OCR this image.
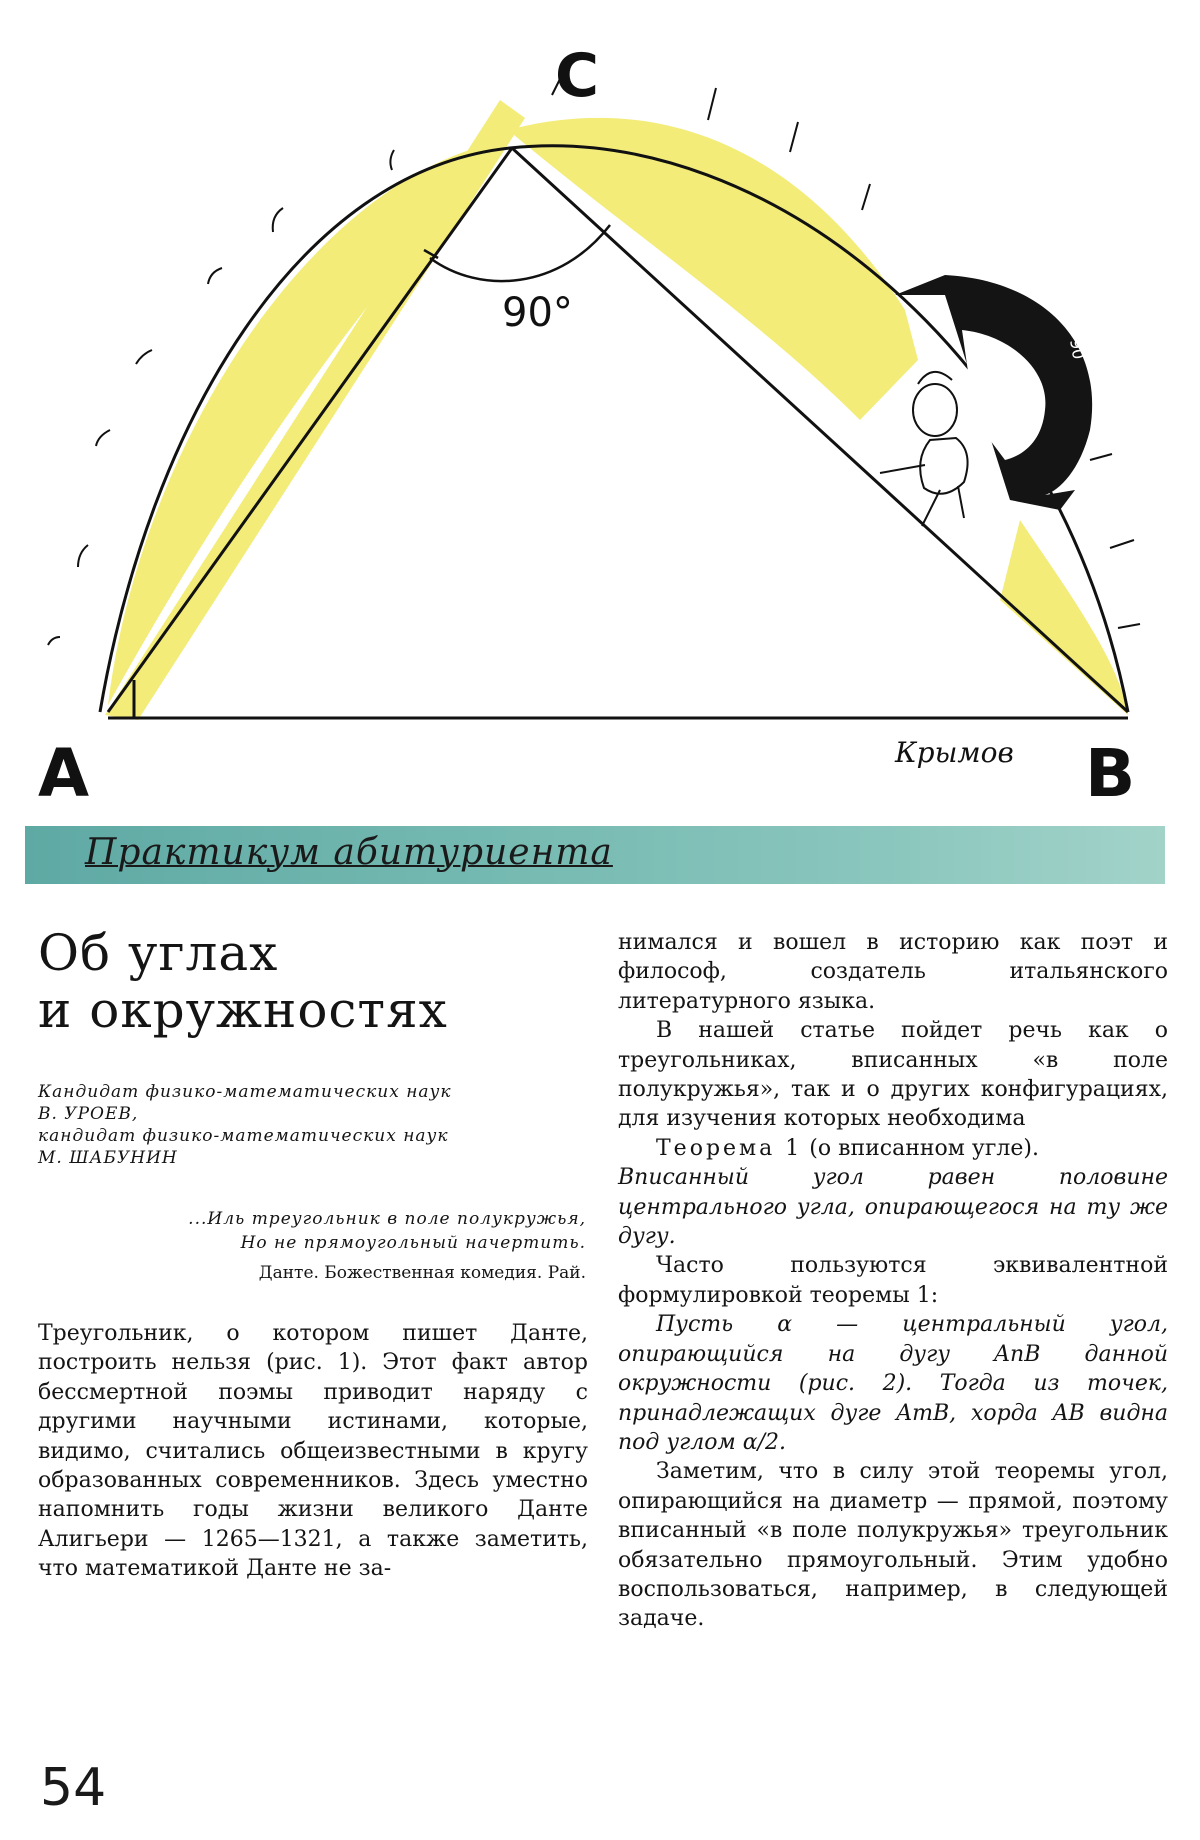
90°
90
C
A	B
Крымов
Практикум абитуриента
Об углах
и окружностях
Кандидат физико-математических наук
В. УРОЕВ,
кандидат физико-математических наук
М. ШАБУНИН
...Иль треугольник в поле полукружья,
Но не прямоугольный начертить.
Данте. Божественная комедия. Рай.

Треугольник, о котором пишет Данте, построить нельзя (рис. 1). Этот факт автор бессмертной поэмы приводит наряду с другими научными истинами, которые, видимо, считались общеизвестными в кругу образованных современников. Здесь уместно напомнить годы жизни великого Данте Алигьери — 1265—1321, а также заметить, что математикой Данте не за-

нимался и вошел в историю как поэт и философ, создатель итальянского литературного языка.

В нашей статье пойдет речь как о треугольниках, вписанных «в поле полукружья», так и о других конфигурациях, для изучения которых необходима

Теорема 1 (о вписанном угле).

Вписанный угол равен половине центрального угла, опирающегося на ту же дугу.

Часто пользуются эквивалентной формулировкой теоремы 1:

Пусть α — центральный угол, опирающийся на дугу AnB данной окружности (рис. 2). Тогда из точек, принадлежащих дуге AmB, хорда AB видна под углом α/2.

Заметим, что в силу этой теоремы угол, опирающийся на диаметр — прямой, поэтому вписанный «в поле полукружья» треугольник обязательно прямоугольный. Этим удобно воспользоваться, например, в следующей задаче.

54
